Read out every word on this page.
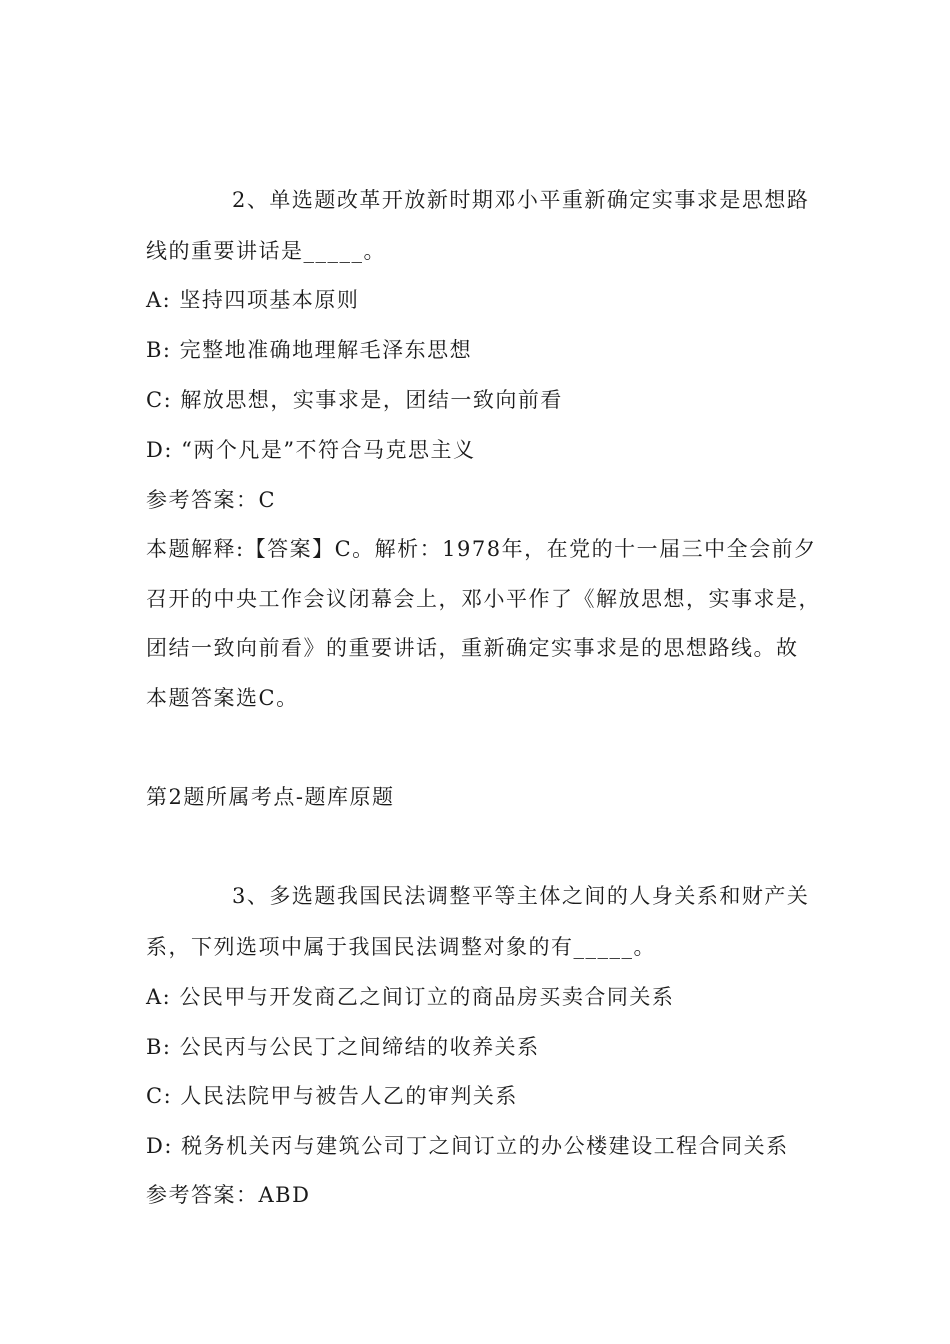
2、单选题改革开放新时期邓小平重新确定实事求是思想路
线的重要讲话是_____。
A: 坚持四项基本原则
B: 完整地准确地理解毛泽东思想
C: 解放思想，实事求是，团结一致向前看
D: “两个凡是”不符合马克思主义
参考答案：C
本题解释:【答案】C。解析：1978年，在党的十一届三中全会前夕
召开的中央工作会议闭幕会上，邓小平作了《解放思想，实事求是，
团结一致向前看》的重要讲话，重新确定实事求是的思想路线。故
本题答案选C。
第2题所属考点-题库原题
3、多选题我国民法调整平等主体之间的人身关系和财产关
系，下列选项中属于我国民法调整对象的有_____。
A: 公民甲与开发商乙之间订立的商品房买卖合同关系
B: 公民丙与公民丁之间缔结的收养关系
C: 人民法院甲与被告人乙的审判关系
D: 税务机关丙与建筑公司丁之间订立的办公楼建设工程合同关系
参考答案：ABD
